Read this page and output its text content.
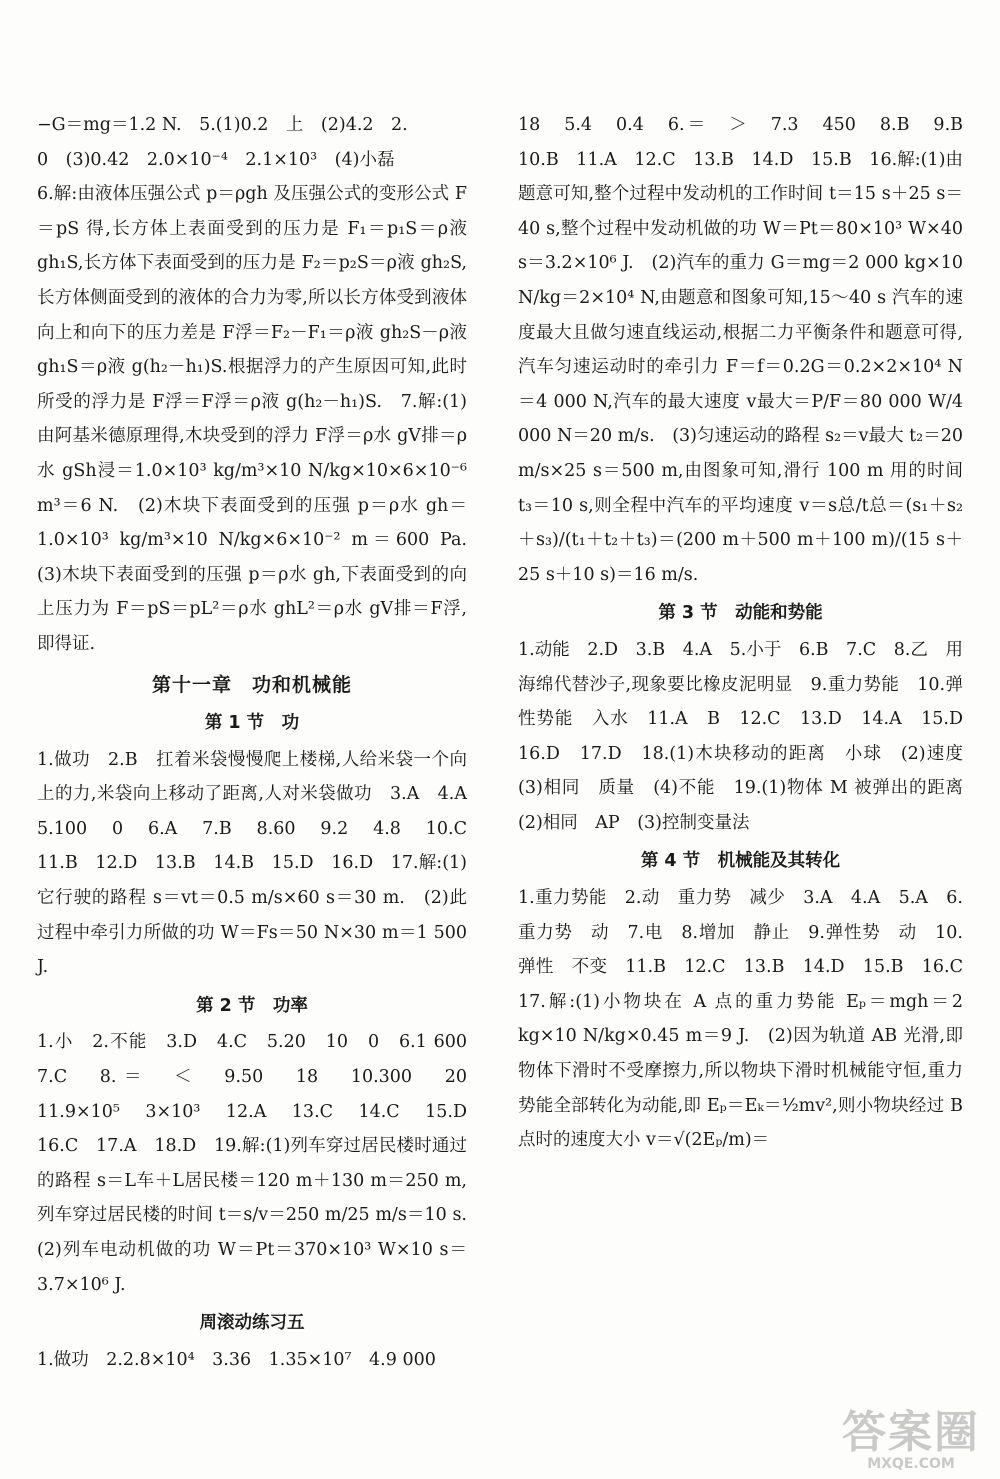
−G＝mg＝1.2 N.　5.(1)0.2　上　(2)4.2　2.

0　(3)0.42　2.0×10⁻⁴　2.1×10³　(4)小磊

6.解:由液体压强公式 p＝ρgh 及压强公式的变形公式 F＝pS 得,长方体上表面受到的压力是 F₁＝p₁S＝ρ液 gh₁S,长方体下表面受到的压力是 F₂＝p₂S＝ρ液 gh₂S,长方体侧面受到的液体的合力为零,所以长方体受到液体向上和向下的压力差是 F浮＝F₂－F₁＝ρ液 gh₂S－ρ液 gh₁S＝ρ液 g(h₂－h₁)S.根据浮力的产生原因可知,此时所受的浮力是 F浮＝F浮＝ρ液 g(h₂－h₁)S.　7.解:(1)由阿基米德原理得,木块受到的浮力 F浮＝ρ水 gV排＝ρ水 gSh浸＝1.0×10³ kg/m³×10 N/kg×10×6×10⁻⁶ m³＝6 N.　(2)木块下表面受到的压强 p＝ρ水 gh＝1.0×10³ kg/m³×10 N/kg×6×10⁻² m＝600 Pa.　(3)木块下表面受到的压强 p＝ρ水 gh,下表面受到的向上压力为 F＝pS＝pL²＝ρ水 ghL²＝ρ水 gV排＝F浮,即得证.

第十一章　功和机械能
第 1 节　功

1.做功　2.B　扛着米袋慢慢爬上楼梯,人给米袋一个向上的力,米袋向上移动了距离,人对米袋做功　3.A　4.A　5.100　0　6.A　7.B　8.60　9.2　4.8　10.C　11.B　12.D　13.B　14.B　15.D　16.D　17.解:(1)它行驶的路程 s＝vt＝0.5 m/s×60 s＝30 m.　(2)此过程中牵引力所做的功 W＝Fs＝50 N×30 m＝1 500 J.

第 2 节　功率

1.小　2.不能　3.D　4.C　5.20　10　0　6.1 600　7.C　8.＝　＜　9.50　18　10.300　20　11.9×10⁵　3×10³　12.A　13.C　14.C　15.D　16.C　17.A　18.D　19.解:(1)列车穿过居民楼时通过的路程 s＝L车＋L居民楼＝120 m＋130 m＝250 m,列车穿过居民楼的时间 t＝s/v＝250 m/25 m/s＝10 s.　(2)列车电动机做的功 W＝Pt＝370×10³ W×10 s＝3.7×10⁶ J.

周滚动练习五

1.做功　2.2.8×10⁴　3.36　1.35×10⁷　4.9 000

18　5.4　0.4　6.＝　＞　7.3　450　8.B　9.B　10.B　11.A　12.C　13.B　14.D　15.B　16.解:(1)由题意可知,整个过程中发动机的工作时间 t＝15 s＋25 s＝40 s,整个过程中发动机做的功 W＝Pt＝80×10³ W×40 s＝3.2×10⁶ J.　(2)汽车的重力 G＝mg＝2 000 kg×10 N/kg＝2×10⁴ N,由题意和图象可知,15～40 s 汽车的速度最大且做匀速直线运动,根据二力平衡条件和题意可得,汽车匀速运动时的牵引力 F＝f＝0.2G＝0.2×2×10⁴ N＝4 000 N,汽车的最大速度 v最大＝P/F＝80 000 W/4 000 N＝20 m/s.　(3)匀速运动的路程 s₂＝v最大 t₂＝20 m/s×25 s＝500 m,由图象可知,滑行 100 m 用的时间 t₃＝10 s,则全程中汽车的平均速度 v＝s总/t总＝(s₁＋s₂＋s₃)/(t₁＋t₂＋t₃)＝(200 m＋500 m＋100 m)/(15 s＋25 s＋10 s)＝16 m/s.

第 3 节　动能和势能

1.动能　2.D　3.B　4.A　5.小于　6.B　7.C　8.乙　用海绵代替沙子,现象要比橡皮泥明显　9.重力势能　10.弹性势能　入水　11.A　B　12.C　13.D　14.A　15.D　16.D　17.D　18.(1)木块移动的距离　小球　(2)速度　(3)相同　质量　(4)不能　19.(1)物体 M 被弹出的距离　(2)相同　AP　(3)控制变量法

第 4 节　机械能及其转化

1.重力势能　2.动　重力势　减少　3.A　4.A　5.A　6.重力势　动　7.电　8.增加　静止　9.弹性势　动　10.弹性　不变　11.B　12.C　13.B　14.D　15.B　16.C　17.解:(1)小物块在 A 点的重力势能 Eₚ＝mgh＝2 kg×10 N/kg×0.45 m＝9 J.　(2)因为轨道 AB 光滑,即物体下滑时不受摩擦力,所以物块下滑时机械能守恒,重力势能全部转化为动能,即 Eₚ＝Eₖ＝½mv²,则小物块经过 B 点时的速度大小 v＝√(2Eₚ/m)＝

答案圈
MXQE.COM
